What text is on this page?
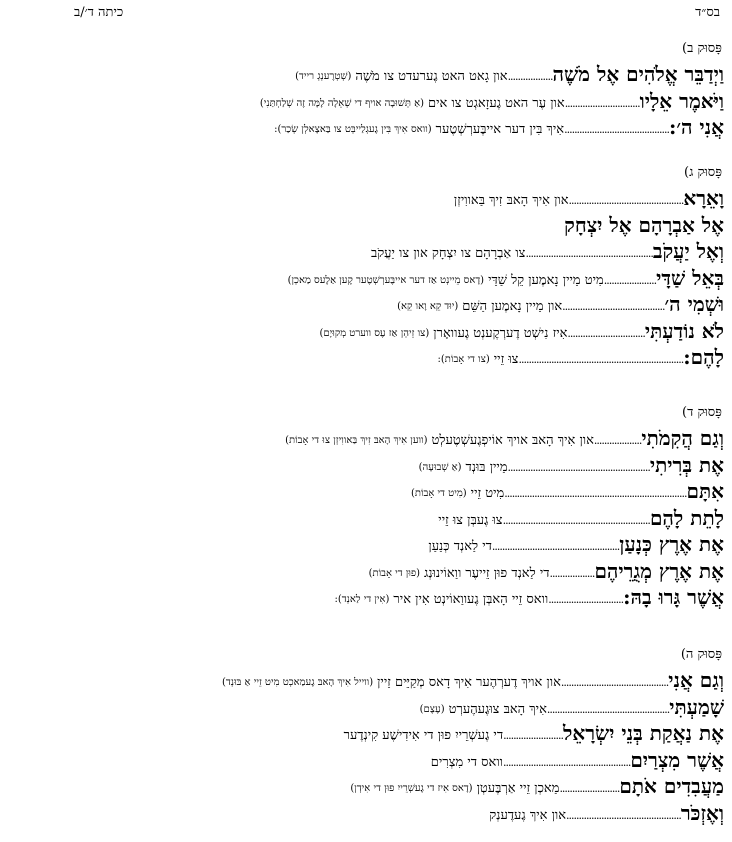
בס״ד
כיתה ד׳/ב
פָּסוּק ב)
וַיְדַבֵּר אֱלֹהִים אֶל מֹשֶׁה
..................
און גָאט האט גֶערעדט צו מֹשֶׁה
(שְׁטְרֶענְגְ רייד)
וַיֹּאמֶר אֵלָיו
..............................
און עֶר האט גֶעזָאגְט צו אים
(אַ תְּשׁוּבָה אויף די שְׁאֵלָה לָמָּה זֶה שְׁלַחְתַּנִי)
אֲנִי ה׳:
..........................................
אִיךְ בִּין דער אייבֶּערְשְׁטֶער
(וואס אִיךְ בִּין גֶעגְלַייבְּט צו בַּאצָאלְן שְׂכַר):
פָּסוּק ג)
וָאֵרָא
..............................................
און אִיךְ הָאבּ זִיךְ בַּאווִיזְן
אֶל אַבְרָהָם אֶל יִצְחָק
וְאֶל יַעֲקֹב
...................................................
צו אַבְרָהָם צו יִצְחָק און צו יַעֲקֹב
בְּאֵל שַׁדָּי
.....................
מִיט מַיין נָאמֶען קֵל שַׁדַּי
(דָאס מֵיינְט אַז דער אייבֶּערְשְׁטֶער קֶען אַלֶעס מַאכְן)
וּשְׁמִי ה׳
.........................................
און מַיין נָאמֶען הַשֵּׁם
(יוּד קֵא וָאו קֵא)
לֹא נוֹדַעְתִּי
...............................
אִיז נִישְׁט דֶערְקֶענְט גֶעוואָרן
(צו זֵיהְן אַז עֶס ווערט מְקוּיָם)
לָהֶם:
..................................................................
צוּ זֵיי
(צו די אָבוֹת):
פָּסוּק ד)
וְגַם הֲקִמֹתִי
...................
און אִיךְ הָאבּ אויךְ אוֹיפְגֶעשְׁטֶעלְט
(ווען אִיךְ הָאבּ זִיךְ בַּאווִיזְן צוּ די אָבוֹת)
אֶת בְּרִיתִי
.........................................................
מַיין בּוּנְד
(אַ שְׁבוּעָה)
אִתָּם
.........................................................................
מִיט זֵיי
(מִיט די אָבוֹת)
לָתֵת לָהֶם
...........................................................
צוּ גֶעבְּן צוּ זֵיי
אֶת אֶרֶץ כְּנָעַן
...................................................
די לַאנְד כְּנַעַן
אֶת אֶרֶץ מְגֻרֵיהֶם
..................
די לַאנְד פוּן זֵייעֶר ווַאוֹינוּנְג
(פוּן די אָבוֹת)
אֲשֶׁר גָּרוּ בָהּ:
..............................
וואס זֵיי הָאבְּן גֶעווַאוֹינְט אִין איר
(אִין די לַאנְד):
פָּסוּק ה)
וְגַם אֲנִי
...........................................
און אויךְ דֶערְהֶער אִיךְ דָאס מְקַיֵּים זַיין
(ווייל אִיךְ הָאבּ גֶעמַאכְט מִיט זֵיי אַ בּוּנְד)
שָׁמַעְתִּי
.................................................
אִיךְ הָאבּ צוּגֶעהֶערְט
(עֶצֶם)
אֶת נַאֲקַת בְּנֵי יִשְׂרָאֵל
........................
די גֶעשְׁרֵייִ פוּן די אִידִישֶׁע קִינְדֶער
אֲשֶׁר מִצְרַיִם
...................................................
וואס די מִצְרִים
מַעֲבִדִים אֹתָם
........................
מַאכְן זֵיי אַרְבֶּעטְן
(דָאס אִיז די גֶעשְׁרֵייִ פוּן די אִידְן)
וְאֶזְכֹּר
..............................................
און אִיךְ גֶעדֶענְק
